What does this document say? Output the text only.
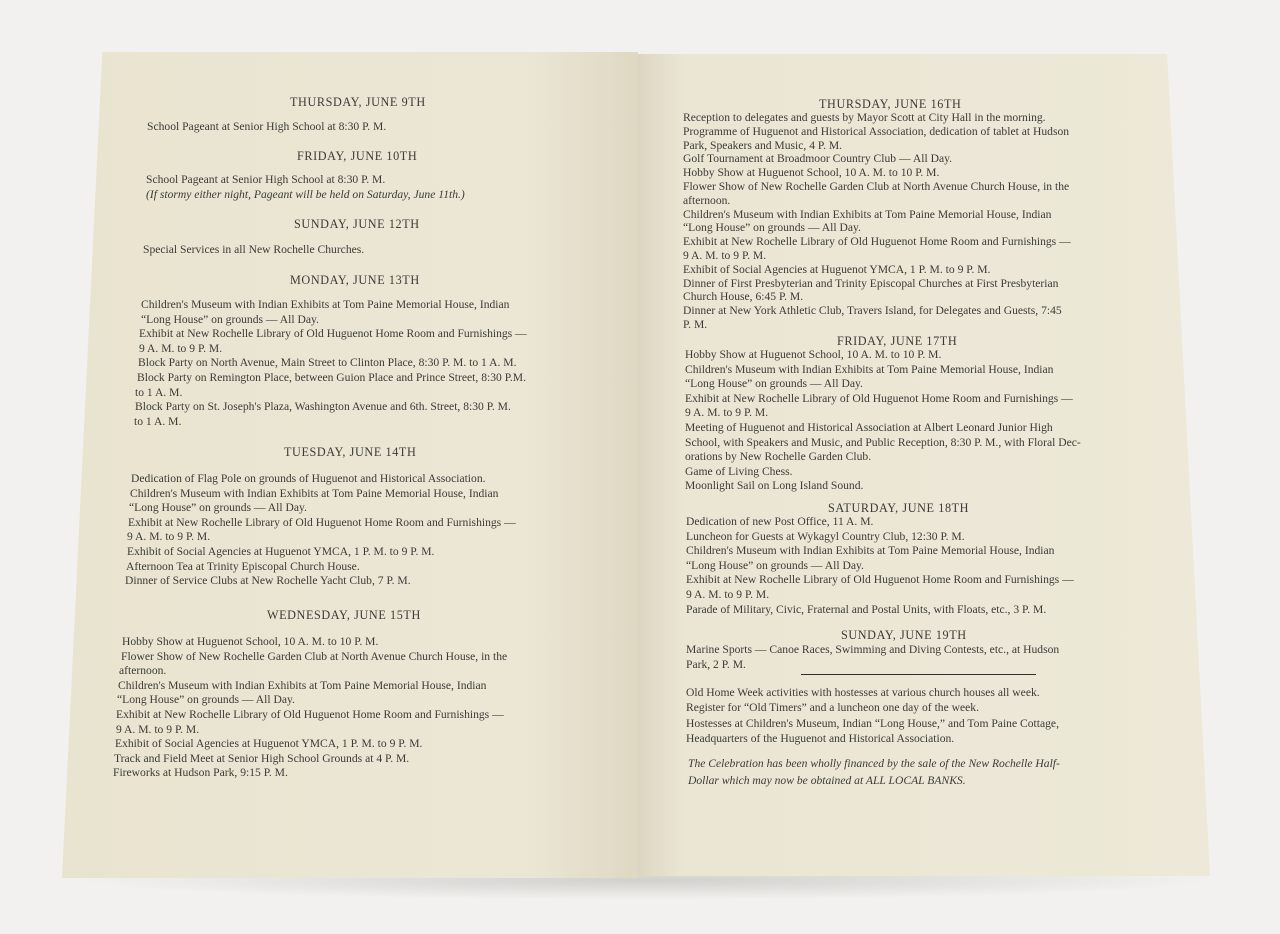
THURSDAY, JUNE 9TH
School Pageant at Senior High School at 8:30 P. M.
FRIDAY, JUNE 10TH
School Pageant at Senior High School at 8:30 P. M.
(If stormy either night, Pageant will be held on Saturday, June 11th.)
SUNDAY, JUNE 12TH
Special Services in all New Rochelle Churches.
MONDAY, JUNE 13TH
Children's Museum with Indian Exhibits at Tom Paine Memorial House, Indian
“Long House” on grounds — All Day.
Exhibit at New Rochelle Library of Old Huguenot Home Room and Furnishings —
9 A. M. to 9 P. M.
Block Party on North Avenue, Main Street to Clinton Place, 8:30 P. M. to 1 A. M.
Block Party on Remington Place, between Guion Place and Prince Street, 8:30 P.M.
to 1 A. M.
Block Party on St. Joseph's Plaza, Washington Avenue and 6th. Street, 8:30 P. M.
to 1 A. M.
TUESDAY, JUNE 14TH
Dedication of Flag Pole on grounds of Huguenot and Historical Association.
Children's Museum with Indian Exhibits at Tom Paine Memorial House, Indian
“Long House” on grounds — All Day.
Exhibit at New Rochelle Library of Old Huguenot Home Room and Furnishings —
9 A. M. to 9 P. M.
Exhibit of Social Agencies at Huguenot YMCA, 1 P. M. to 9 P. M.
Afternoon Tea at Trinity Episcopal Church House.
Dinner of Service Clubs at New Rochelle Yacht Club, 7 P. M.
WEDNESDAY, JUNE 15TH
Hobby Show at Huguenot School, 10 A. M. to 10 P. M.
Flower Show of New Rochelle Garden Club at North Avenue Church House, in the
afternoon.
Children's Museum with Indian Exhibits at Tom Paine Memorial House, Indian
“Long House” on grounds — All Day.
Exhibit at New Rochelle Library of Old Huguenot Home Room and Furnishings —
9 A. M. to 9 P. M.
Exhibit of Social Agencies at Huguenot YMCA, 1 P. M. to 9 P. M.
Track and Field Meet at Senior High School Grounds at 4 P. M.
Fireworks at Hudson Park, 9:15 P. M.
THURSDAY, JUNE 16TH
Reception to delegates and guests by Mayor Scott at City Hall in the morning.
Programme of Huguenot and Historical Association, dedication of tablet at Hudson
Park, Speakers and Music, 4 P. M.
Golf Tournament at Broadmoor Country Club — All Day.
Hobby Show at Huguenot School, 10 A. M. to 10 P. M.
Flower Show of New Rochelle Garden Club at North Avenue Church House, in the
afternoon.
Children's Museum with Indian Exhibits at Tom Paine Memorial House, Indian
“Long House” on grounds — All Day.
Exhibit at New Rochelle Library of Old Huguenot Home Room and Furnishings —
9 A. M. to 9 P. M.
Exhibit of Social Agencies at Huguenot YMCA, 1 P. M. to 9 P. M.
Dinner of First Presbyterian and Trinity Episcopal Churches at First Presbyterian
Church House, 6:45 P. M.
Dinner at New York Athletic Club, Travers Island, for Delegates and Guests, 7:45
P. M.
FRIDAY, JUNE 17TH
Hobby Show at Huguenot School, 10 A. M. to 10 P. M.
Children's Museum with Indian Exhibits at Tom Paine Memorial House, Indian
“Long House” on grounds — All Day.
Exhibit at New Rochelle Library of Old Huguenot Home Room and Furnishings —
9 A. M. to 9 P. M.
Meeting of Huguenot and Historical Association at Albert Leonard Junior High
School, with Speakers and Music, and Public Reception, 8:30 P. M., with Floral Dec-
orations by New Rochelle Garden Club.
Game of Living Chess.
Moonlight Sail on Long Island Sound.
SATURDAY, JUNE 18TH
Dedication of new Post Office, 11 A. M.
Luncheon for Guests at Wykagyl Country Club, 12:30 P. M.
Children's Museum with Indian Exhibits at Tom Paine Memorial House, Indian
“Long House” on grounds — All Day.
Exhibit at New Rochelle Library of Old Huguenot Home Room and Furnishings —
9 A. M. to 9 P. M.
Parade of Military, Civic, Fraternal and Postal Units, with Floats, etc., 3 P. M.
SUNDAY, JUNE 19TH
Marine Sports — Canoe Races, Swimming and Diving Contests, etc., at Hudson
Park, 2 P. M.
Old Home Week activities with hostesses at various church houses all week.
Register for “Old Timers” and a luncheon one day of the week.
Hostesses at Children's Museum, Indian “Long House,” and Tom Paine Cottage,
Headquarters of the Huguenot and Historical Association.
The Celebration has been wholly financed by the sale of the New Rochelle Half-
Dollar which may now be obtained at ALL LOCAL BANKS.
